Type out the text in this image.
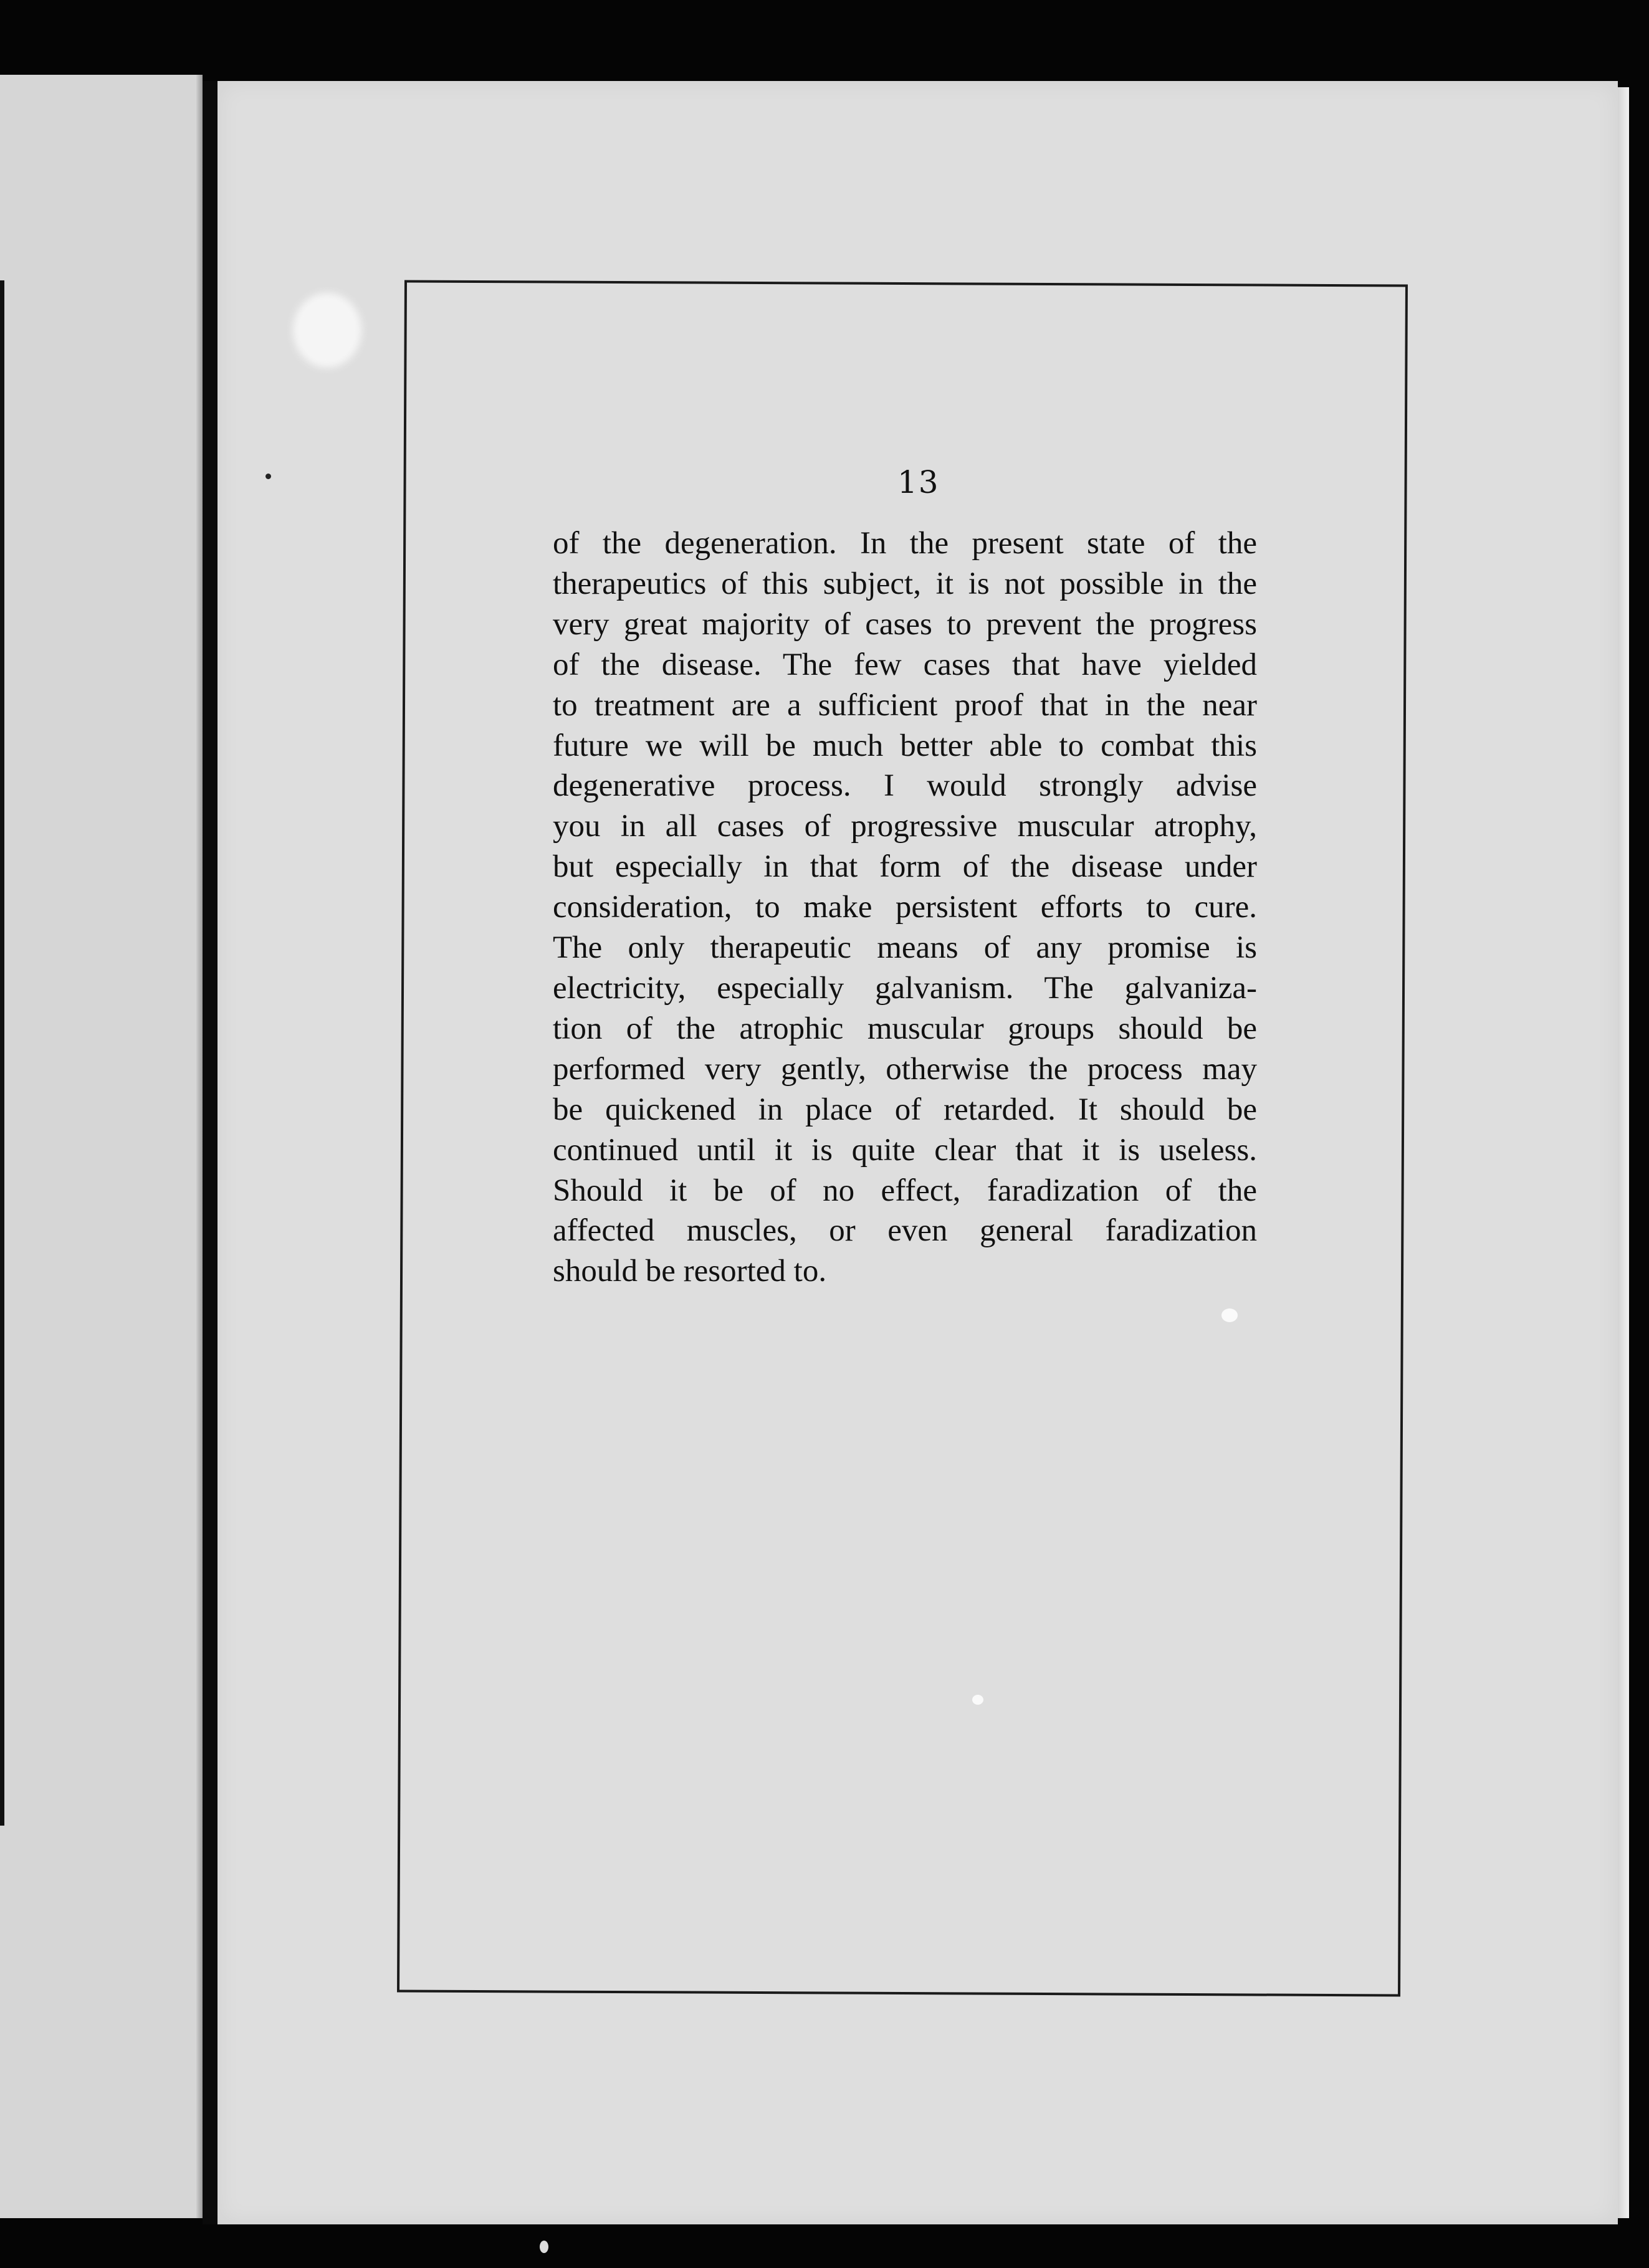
13
of the degeneration. In the present state of the
therapeutics of this subject, it is not possible in the
very great majority of cases to prevent the progress
of the disease. The few cases that have yielded
to treatment are a sufficient proof that in the near
future we will be much better able to combat this
degenerative process. I would strongly advise
you in all cases of progressive muscular atrophy,
but especially in that form of the disease under
consideration, to make persistent efforts to cure.
The only therapeutic means of any promise is
electricity, especially galvanism. The galvaniza-
tion of the atrophic muscular groups should be
performed very gently, otherwise the process may
be quickened in place of retarded. It should be
continued until it is quite clear that it is useless.
Should it be of no effect, faradization of the
affected muscles, or even general faradization
should be resorted to.
